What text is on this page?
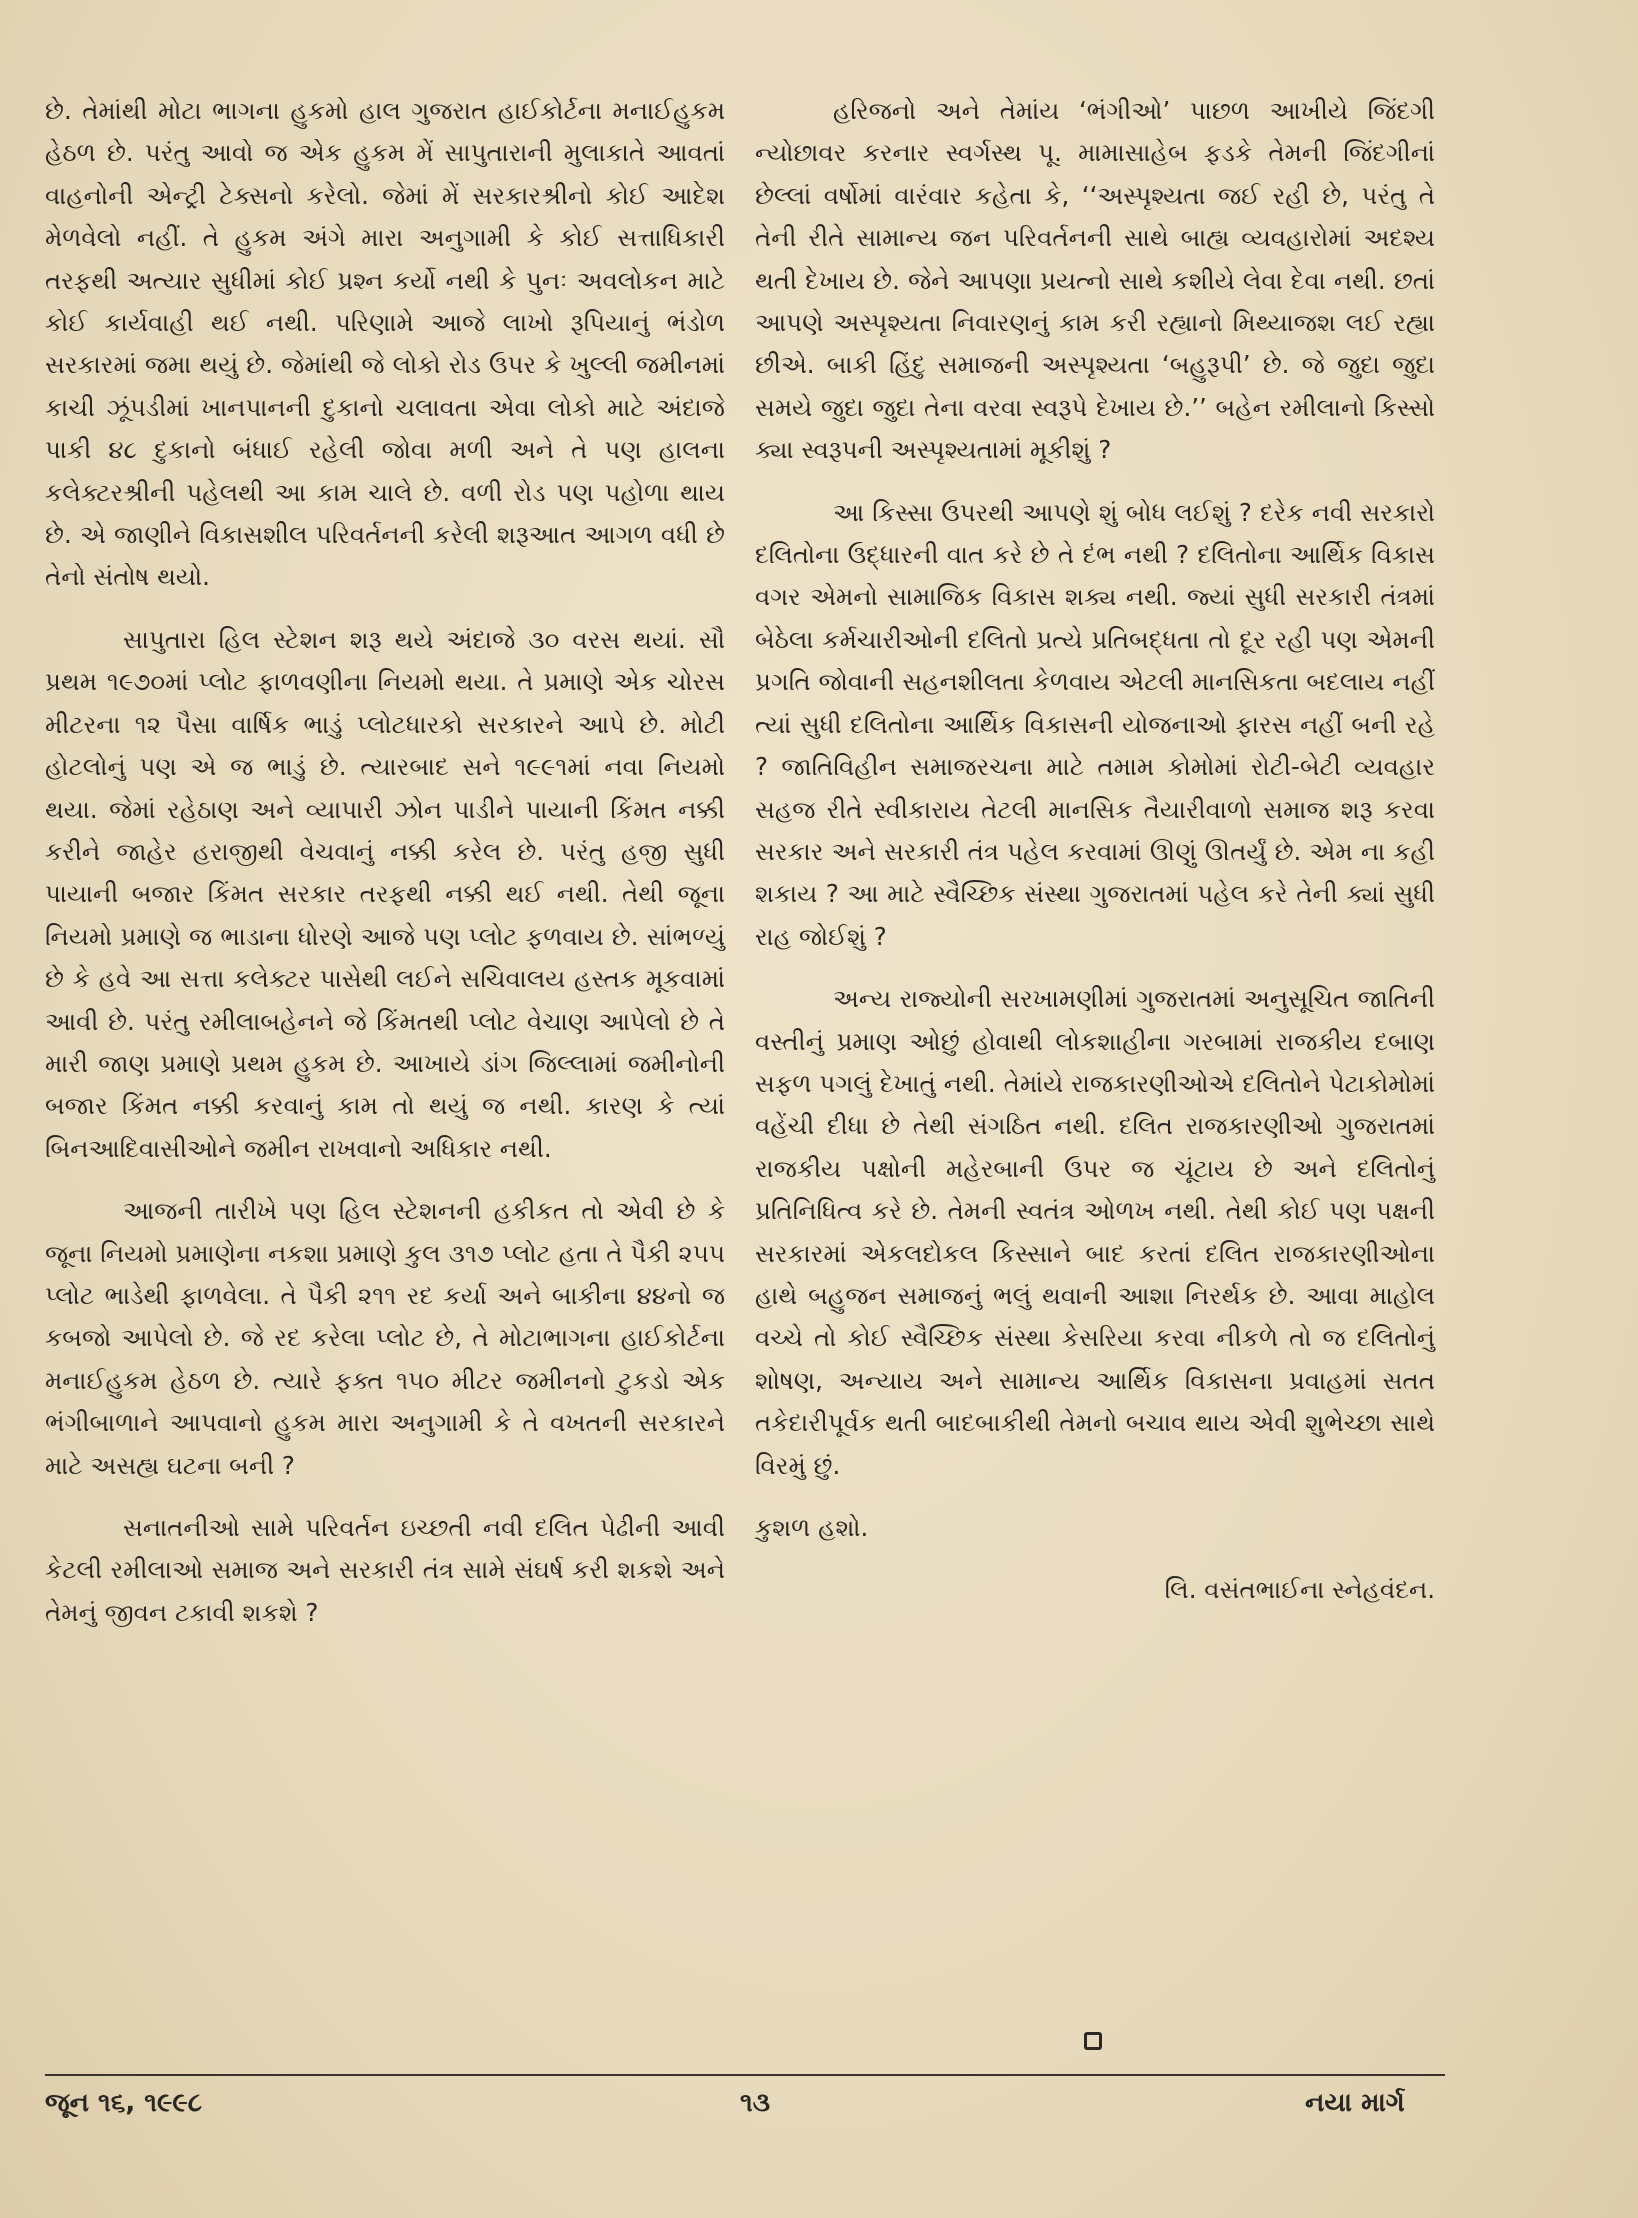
છે. તેમાંથી મોટા ભાગના હુકમો હાલ ગુજરાત હાઈકોર્ટના મનાઈહુકમ હેઠળ છે. પરંતુ આવો જ એક હુકમ મેં સાપુતારાની મુલાકાતે આવતાં વાહનોની એન્ટ્રી ટેક્સનો કરેલો. જેમાં મેં સરકારશ્રીનો કોઈ આદેશ મેળવેલો નહીં. તે હુકમ અંગે મારા અનુગામી કે કોઈ સત્તાધિકારી તરફથી અત્યાર સુધીમાં કોઈ પ્રશ્ન કર્યો નથી કે પુનઃ અવલોકન માટે કોઈ કાર્યવાહી થઈ નથી. પરિણામે આજે લાખો રૂપિયાનું ભંડોળ સરકારમાં જમા થયું છે. જેમાંથી જે લોકો રોડ ઉપર કે ખુલ્લી જમીનમાં કાચી ઝૂંપડીમાં ખાનપાનની દુકાનો ચલાવતા એવા લોકો માટે અંદાજે પાકી ૪૮ દુકાનો બંધાઈ રહેલી જોવા મળી અને તે પણ હાલના કલેક્ટરશ્રીની પહેલથી આ કામ ચાલે છે. વળી રોડ પણ પહોળા થાય છે. એ જાણીને વિકાસશીલ પરિવર્તનની કરેલી શરૂઆત આગળ વધી છે તેનો સંતોષ થયો.

સાપુતારા હિલ સ્ટેશન શરૂ થયે અંદાજે ૩૦ વરસ થયાં. સૌ પ્રથમ ૧૯૭૦માં પ્લોટ ફાળવણીના નિયમો થયા. તે પ્રમાણે એક ચોરસ મીટરના ૧૨ પૈસા વાર્ષિક ભાડું પ્લોટધારકો સરકારને આપે છે. મોટી હોટલોનું પણ એ જ ભાડું છે. ત્યારબાદ સને ૧૯૯૧માં નવા નિયમો થયા. જેમાં રહેઠાણ અને વ્યાપારી ઝોન પાડીને પાયાની કિંમત નક્કી કરીને જાહેર હરાજીથી વેચવાનું નક્કી કરેલ છે. પરંતુ હજી સુધી પાયાની બજાર કિંમત સરકાર તરફથી નક્કી થઈ નથી. તેથી જૂના નિયમો પ્રમાણે જ ભાડાના ધોરણે આજે પણ પ્લોટ ફળવાય છે. સાંભળ્યું છે કે હવે આ સત્તા કલેક્ટર પાસેથી લઈને સચિવાલય હસ્તક મૂકવામાં આવી છે. પરંતુ રમીલાબહેનને જે કિંમતથી પ્લોટ વેચાણ આપેલો છે તે મારી જાણ પ્રમાણે પ્રથમ હુકમ છે. આખાયે ડાંગ જિલ્લામાં જમીનોની બજાર કિંમત નક્કી કરવાનું કામ તો થયું જ નથી. કારણ કે ત્યાં બિનઆદિવાસીઓને જમીન રાખવાનો અધિકાર નથી.

આજની તારીખે પણ હિલ સ્ટેશનની હકીકત તો એવી છે કે જૂના નિયમો પ્રમાણેના નકશા પ્રમાણે કુલ ૩૧૭ પ્લોટ હતા તે પૈકી ૨૫૫ પ્લોટ ભાડેથી ફાળવેલા. તે પૈકી ૨૧૧ રદ કર્યા અને બાકીના ૪૪નો જ કબજો આપેલો છે. જે રદ કરેલા પ્લોટ છે, તે મોટાભાગના હાઈકોર્ટના મનાઈહુકમ હેઠળ છે. ત્યારે ફક્ત ૧૫૦ મીટર જમીનનો ટુકડો એક ભંગીબાળાને આપવાનો હુકમ મારા અનુગામી કે તે વખતની સરકારને માટે અસહ્ય ઘટના બની ?

સનાતનીઓ સામે પરિવર્તન ઇચ્છતી નવી દલિત પેઢીની આવી કેટલી રમીલાઓ સમાજ અને સરકારી તંત્ર સામે સંઘર્ષ કરી શકશે અને તેમનું જીવન ટકાવી શકશે ?

હરિજનો અને તેમાંય ‘ભંગીઓ’ પાછળ આખીયે જિંદગી ન્યોછાવર કરનાર સ્વર્ગસ્થ પૂ. મામાસાહેબ ફડકે તેમની જિંદગીનાં છેલ્લાં વર્ષોમાં વારંવાર કહેતા કે, ‘‘અસ્પૃશ્યતા જઈ રહી છે, પરંતુ તે તેની રીતે સામાન્ય જન પરિવર્તનની સાથે બાહ્ય વ્યવહારોમાં અદશ્ય થતી દેખાય છે. જેને આપણા પ્રયત્નો સાથે કશીયે લેવા દેવા નથી. છતાં આપણે અસ્પૃશ્યતા નિવારણનું કામ કરી રહ્યાનો મિથ્યાજશ લઈ રહ્યા છીએ. બાકી હિંદુ સમાજની અસ્પૃશ્યતા ‘બહુરૂપી’ છે. જે જુદા જુદા સમયે જુદા જુદા તેના વરવા સ્વરૂપે દેખાય છે.’’ બહેન રમીલાનો કિસ્સો ક્યા સ્વરૂપની અસ્પૃશ્યતામાં મૂકીશું ?

આ કિસ્સા ઉપરથી આપણે શું બોધ લઈશું ? દરેક નવી સરકારો દલિતોના ઉદ્ધારની વાત કરે છે તે દંભ નથી ? દલિતોના આર્થિક વિકાસ વગર એમનો સામાજિક વિકાસ શક્ય નથી. જ્યાં સુધી સરકારી તંત્રમાં બેઠેલા કર્મચારીઓની દલિતો પ્રત્યે પ્રતિબદ્ધતા તો દૂર રહી પણ એમની પ્રગતિ જોવાની સહનશીલતા કેળવાય એટલી માનસિકતા બદલાય નહીં ત્યાં સુધી દલિતોના આર્થિક વિકાસની યોજનાઓ ફારસ નહીં બની રહે ? જાતિવિહીન સમાજરચના માટે તમામ કોમોમાં રોટી-બેટી વ્યવહાર સહજ રીતે સ્વીકારાય તેટલી માનસિક તૈયારીવાળો સમાજ શરૂ કરવા સરકાર અને સરકારી તંત્ર પહેલ કરવામાં ઊણું ઊતર્યું છે. એમ ના કહી શકાય ? આ માટે સ્વૈચ્છિક સંસ્થા ગુજરાતમાં પહેલ કરે તેની ક્યાં સુધી રાહ જોઈશું ?

અન્ય રાજ્યોની સરખામણીમાં ગુજરાતમાં અનુસૂચિત જાતિની વસ્તીનું પ્રમાણ ઓછું હોવાથી લોકશાહીના ગરબામાં રાજકીય દબાણ સફળ પગલું દેખાતું નથી. તેમાંયે રાજકારણીઓએ દલિતોને પેટાકોમોમાં વહેંચી દીધા છે તેથી સંગઠિત નથી. દલિત રાજકારણીઓ ગુજરાતમાં રાજકીય પક્ષોની મહેરબાની ઉપર જ ચૂંટાય છે અને દલિતોનું પ્રતિનિધિત્વ કરે છે. તેમની સ્વતંત્ર ઓળખ નથી. તેથી કોઈ પણ પક્ષની સરકારમાં એકલદોકલ કિસ્સાને બાદ કરતાં દલિત રાજકારણીઓના હાથે બહુજન સમાજનું ભલું થવાની આશા નિરર્થક છે. આવા માહોલ વચ્ચે તો કોઈ સ્વૈચ્છિક સંસ્થા કેસરિયા કરવા નીકળે તો જ દલિતોનું શોષણ, અન્યાય અને સામાન્ય આર્થિક વિકાસના પ્રવાહમાં સતત તકેદારીપૂર્વક થતી બાદબાકીથી તેમનો બચાવ થાય એવી શુભેચ્છા સાથે વિરમું છું.

કુશળ હશો.

લિ. વસંતભાઈના સ્નેહવંદન.

જૂન ૧૬, ૧૯૯૮	૧૩	નયા માર્ગ
